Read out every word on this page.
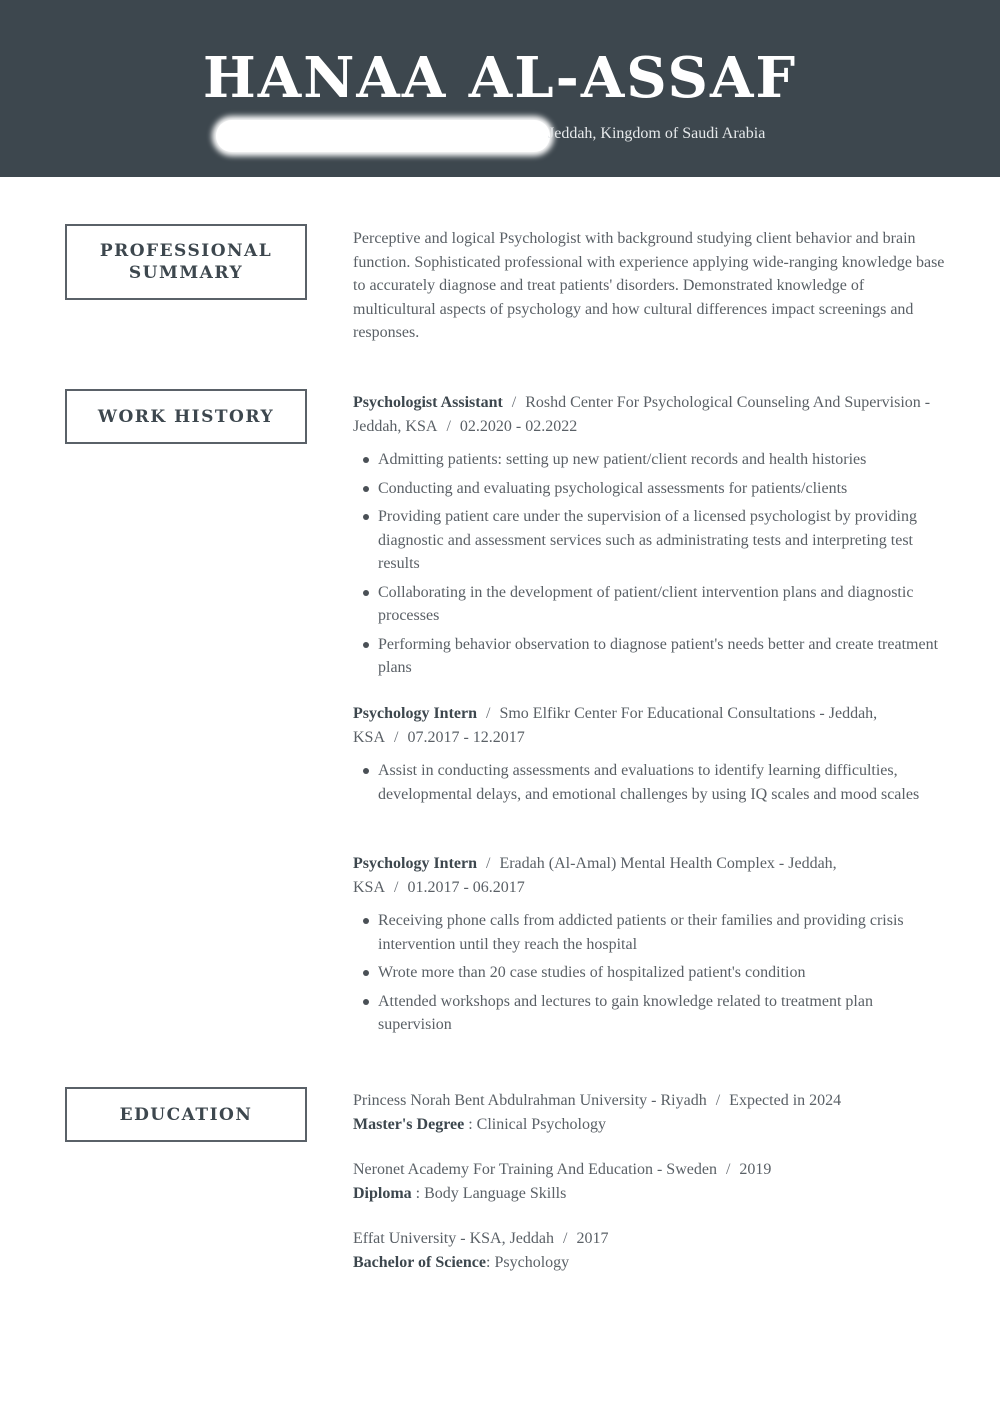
HANAA AL-ASSAF
Jeddah, Kingdom of Saudi Arabia
PROFESSIONAL
SUMMARY
Perceptive and logical Psychologist with background studying client behavior and brain function. Sophisticated professional with experience applying wide-ranging knowledge base to accurately diagnose and treat patients' disorders. Demonstrated knowledge of multicultural aspects of psychology and how cultural differences impact screenings and responses.
WORK HISTORY
Psychologist Assistant / Roshd Center For Psychological Counseling And Supervision - Jeddah, KSA / 02.2020 - 02.2022
Admitting patients: setting up new patient/client records and health histories
Conducting and evaluating psychological assessments for patients/clients
Providing patient care under the supervision of a licensed psychologist by providing diagnostic and assessment services such as administrating tests and interpreting test results
Collaborating in the development of patient/client intervention plans and diagnostic processes
Performing behavior observation to diagnose patient's needs better and create treatment plans
Psychology Intern / Smo Elfikr Center For Educational Consultations - Jeddah, KSA / 07.2017 - 12.2017
Assist in conducting assessments and evaluations to identify learning difficulties, developmental delays, and emotional challenges by using IQ scales and mood scales
Psychology Intern / Eradah (Al-Amal) Mental Health Complex - Jeddah, KSA / 01.2017 - 06.2017
Receiving phone calls from addicted patients or their families and providing crisis intervention until they reach the hospital
Wrote more than 20 case studies of hospitalized patient's condition
Attended workshops and lectures to gain knowledge related to treatment plan supervision
EDUCATION
Princess Norah Bent Abdulrahman University - Riyadh / Expected in 2024
Master's Degree : Clinical Psychology
Neronet Academy For Training And Education - Sweden / 2019
Diploma : Body Language Skills
Effat University - KSA, Jeddah / 2017
Bachelor of Science: Psychology
